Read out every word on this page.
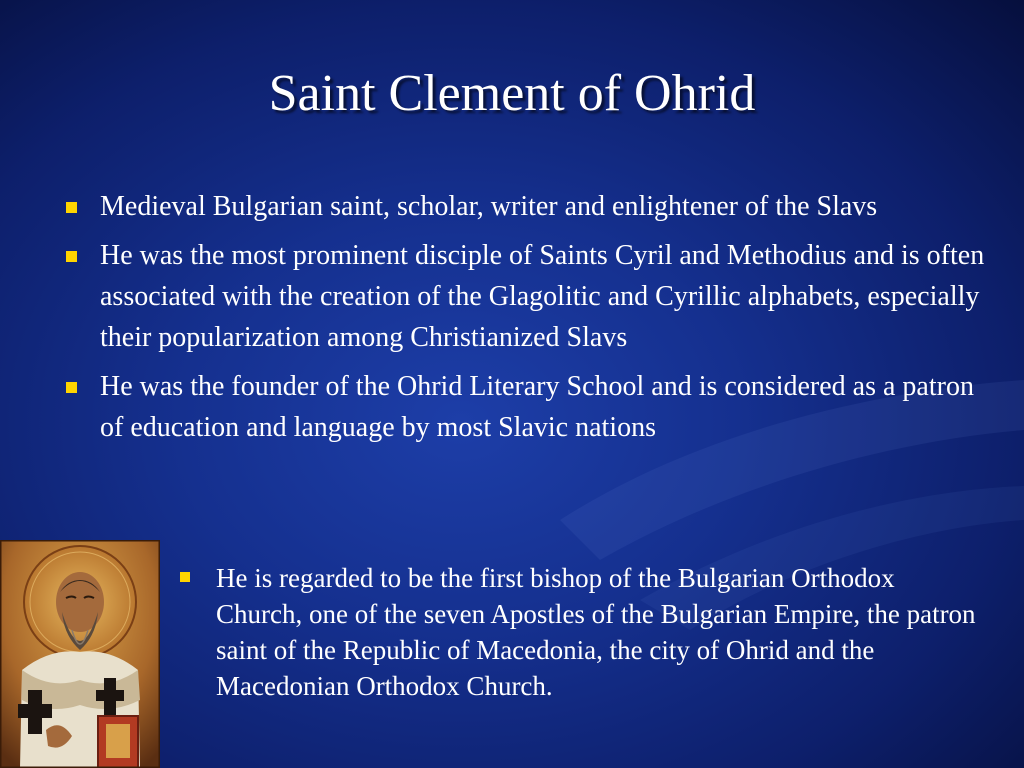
Saint Clement of Ohrid
Medieval Bulgarian saint, scholar, writer and enlightener of the Slavs
He was the most prominent disciple of Saints Cyril and Methodius and is often associated with the creation of the Glagolitic and Cyrillic alphabets, especially their popularization among Christianized Slavs
He was the founder of the Ohrid Literary School and is considered as a patron of education and language by most Slavic nations
He is regarded to be the first bishop of the Bulgarian Orthodox Church, one of the seven Apostles of the Bulgarian Empire, the patron saint of the Republic of Macedonia, the city of Ohrid and the Macedonian Orthodox Church.
